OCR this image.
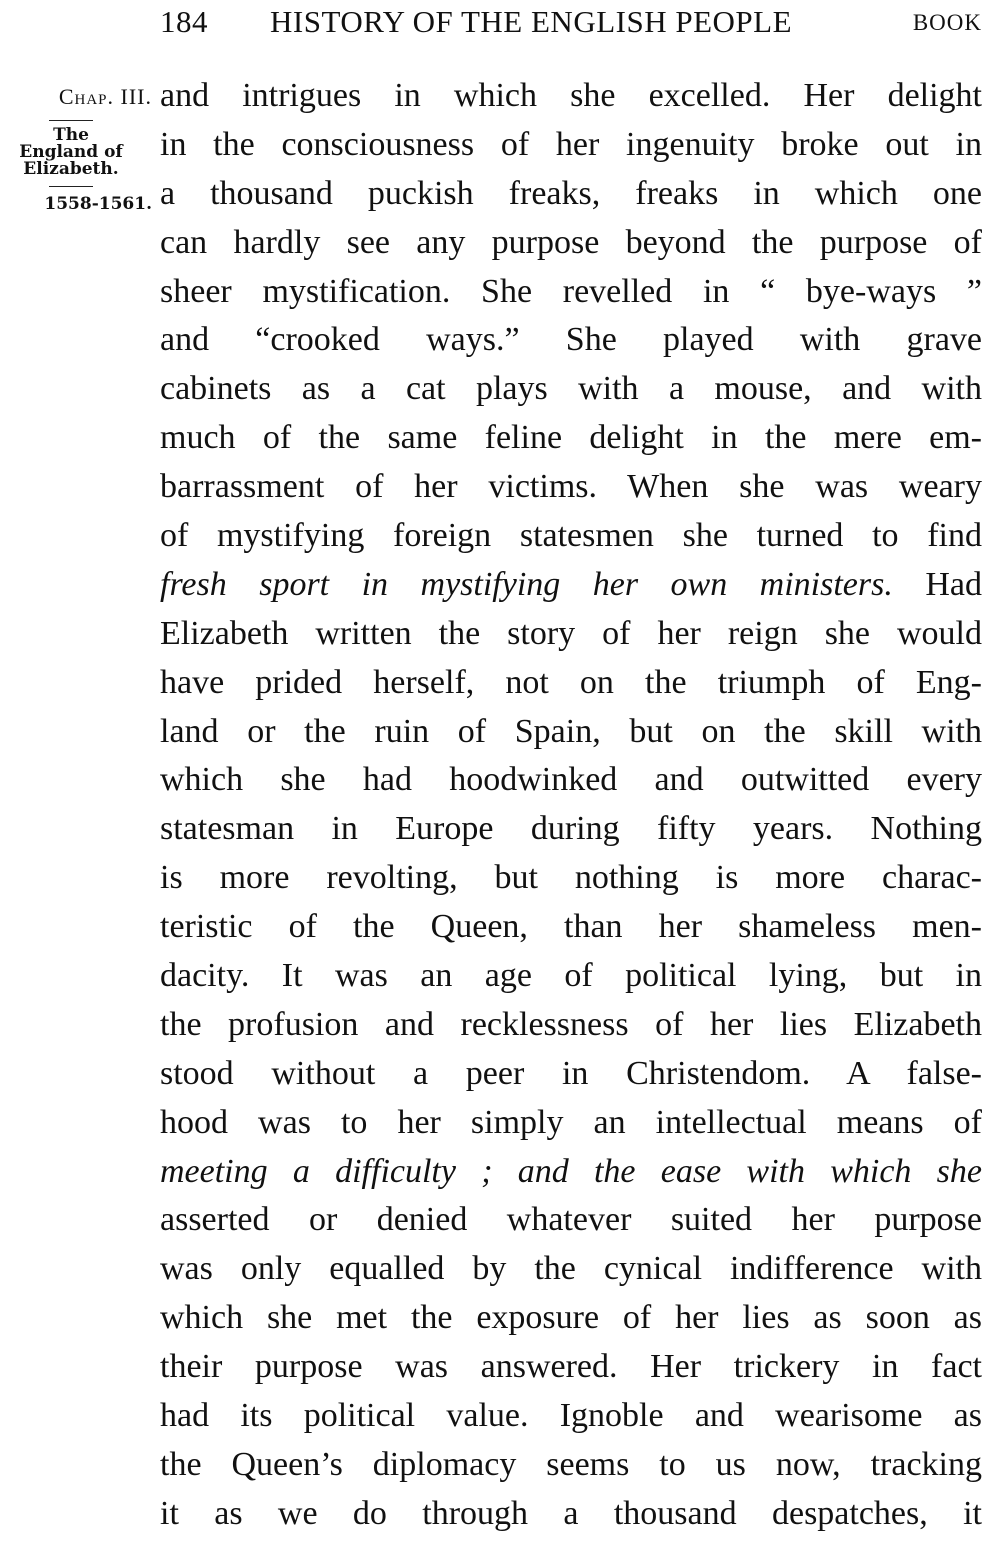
184 HISTORY OF THE ENGLISH PEOPLE	BOOK
Chap. III.
The
England of
Elizabeth.
1558-1561.
and intrigues in which she excelled. Her delight
in the consciousness of her ingenuity broke out in
a thousand puckish freaks, freaks in which one
can hardly see any purpose beyond the purpose of
sheer mystification. She revelled in “ bye-ways ”
and “crooked ways.” She played with grave
cabinets as a cat plays with a mouse, and with
much of the same feline delight in the mere em-
barrassment of her victims. When she was weary
of mystifying foreign statesmen she turned to find
fresh sport in mystifying her own ministers. Had
Elizabeth written the story of her reign she would
have prided herself, not on the triumph of Eng-
land or the ruin of Spain, but on the skill with
which she had hoodwinked and outwitted every
statesman in Europe during fifty years. Nothing
is more revolting, but nothing is more charac-
teristic of the Queen, than her shameless men-
dacity. It was an age of political lying, but in
the profusion and recklessness of her lies Elizabeth
stood without a peer in Christendom. A false-
hood was to her simply an intellectual means of
meeting a difficulty ; and the ease with which she
asserted or denied whatever suited her purpose
was only equalled by the cynical indifference with
which she met the exposure of her lies as soon as
their purpose was answered. Her trickery in fact
had its political value. Ignoble and wearisome as
the Queen’s diplomacy seems to us now, tracking
it as we do through a thousand despatches, it
